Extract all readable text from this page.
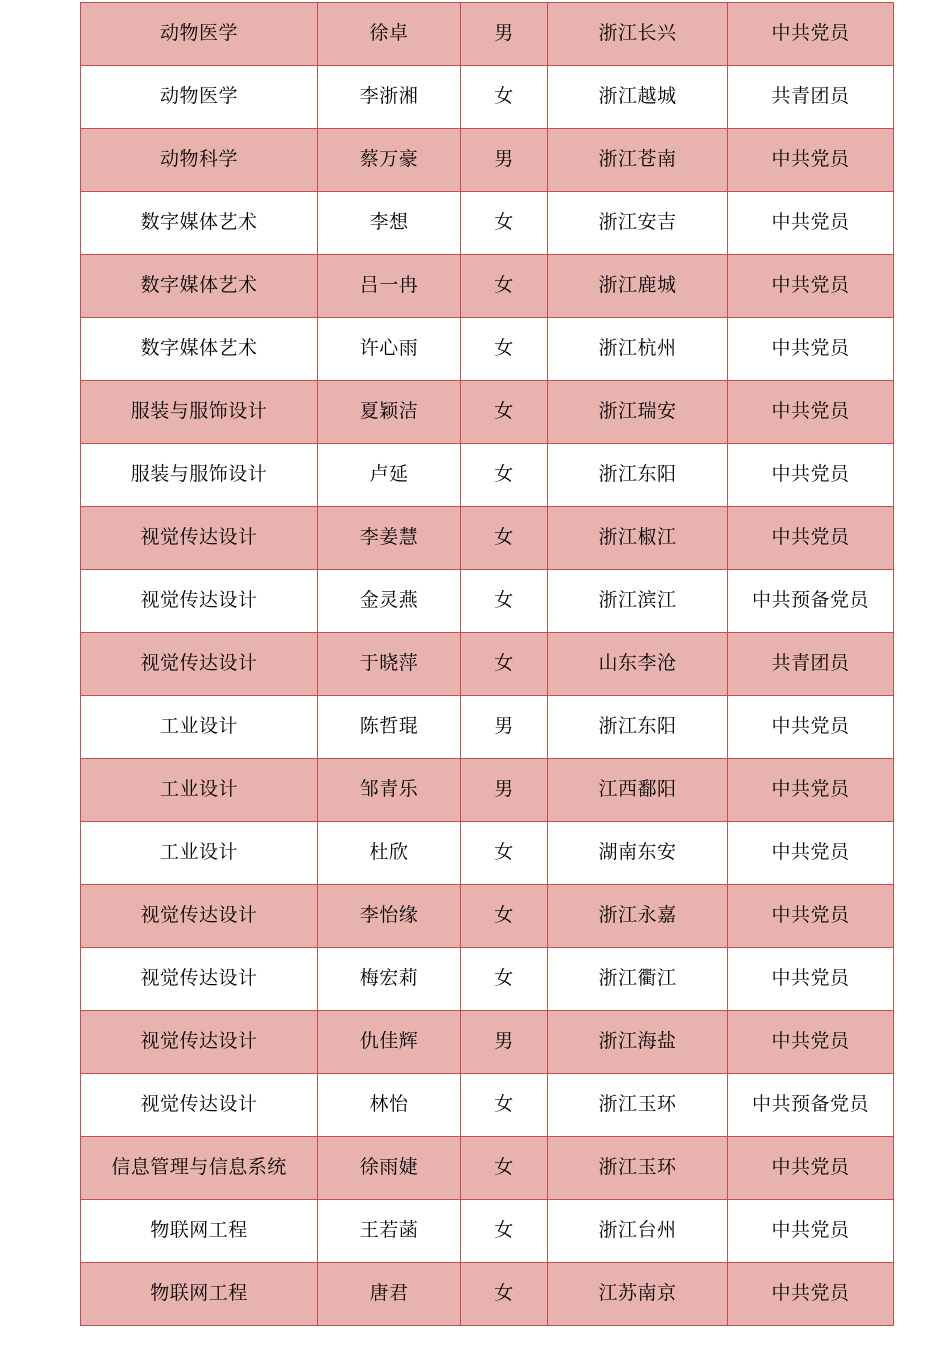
动物医学	徐卓	男	浙江长兴	中共党员
动物医学	李浙湘	女	浙江越城	共青团员
动物科学	蔡万豪	男	浙江苍南	中共党员
数字媒体艺术	李想	女	浙江安吉	中共党员
数字媒体艺术	吕一冉	女	浙江鹿城	中共党员
数字媒体艺术	许心雨	女	浙江杭州	中共党员
服装与服饰设计	夏颖洁	女	浙江瑞安	中共党员
服装与服饰设计	卢延	女	浙江东阳	中共党员
视觉传达设计	李姜慧	女	浙江椒江	中共党员
视觉传达设计	金灵燕	女	浙江滨江	中共预备党员
视觉传达设计	于晓萍	女	山东李沧	共青团员
工业设计	陈哲琨	男	浙江东阳	中共党员
工业设计	邹青乐	男	江西鄱阳	中共党员
工业设计	杜欣	女	湖南东安	中共党员
视觉传达设计	李怡缘	女	浙江永嘉	中共党员
视觉传达设计	梅宏莉	女	浙江衢江	中共党员
视觉传达设计	仇佳辉	男	浙江海盐	中共党员
视觉传达设计	林怡	女	浙江玉环	中共预备党员
信息管理与信息系统	徐雨婕	女	浙江玉环	中共党员
物联网工程	王若菡	女	浙江台州	中共党员
物联网工程	唐君	女	江苏南京	中共党员
